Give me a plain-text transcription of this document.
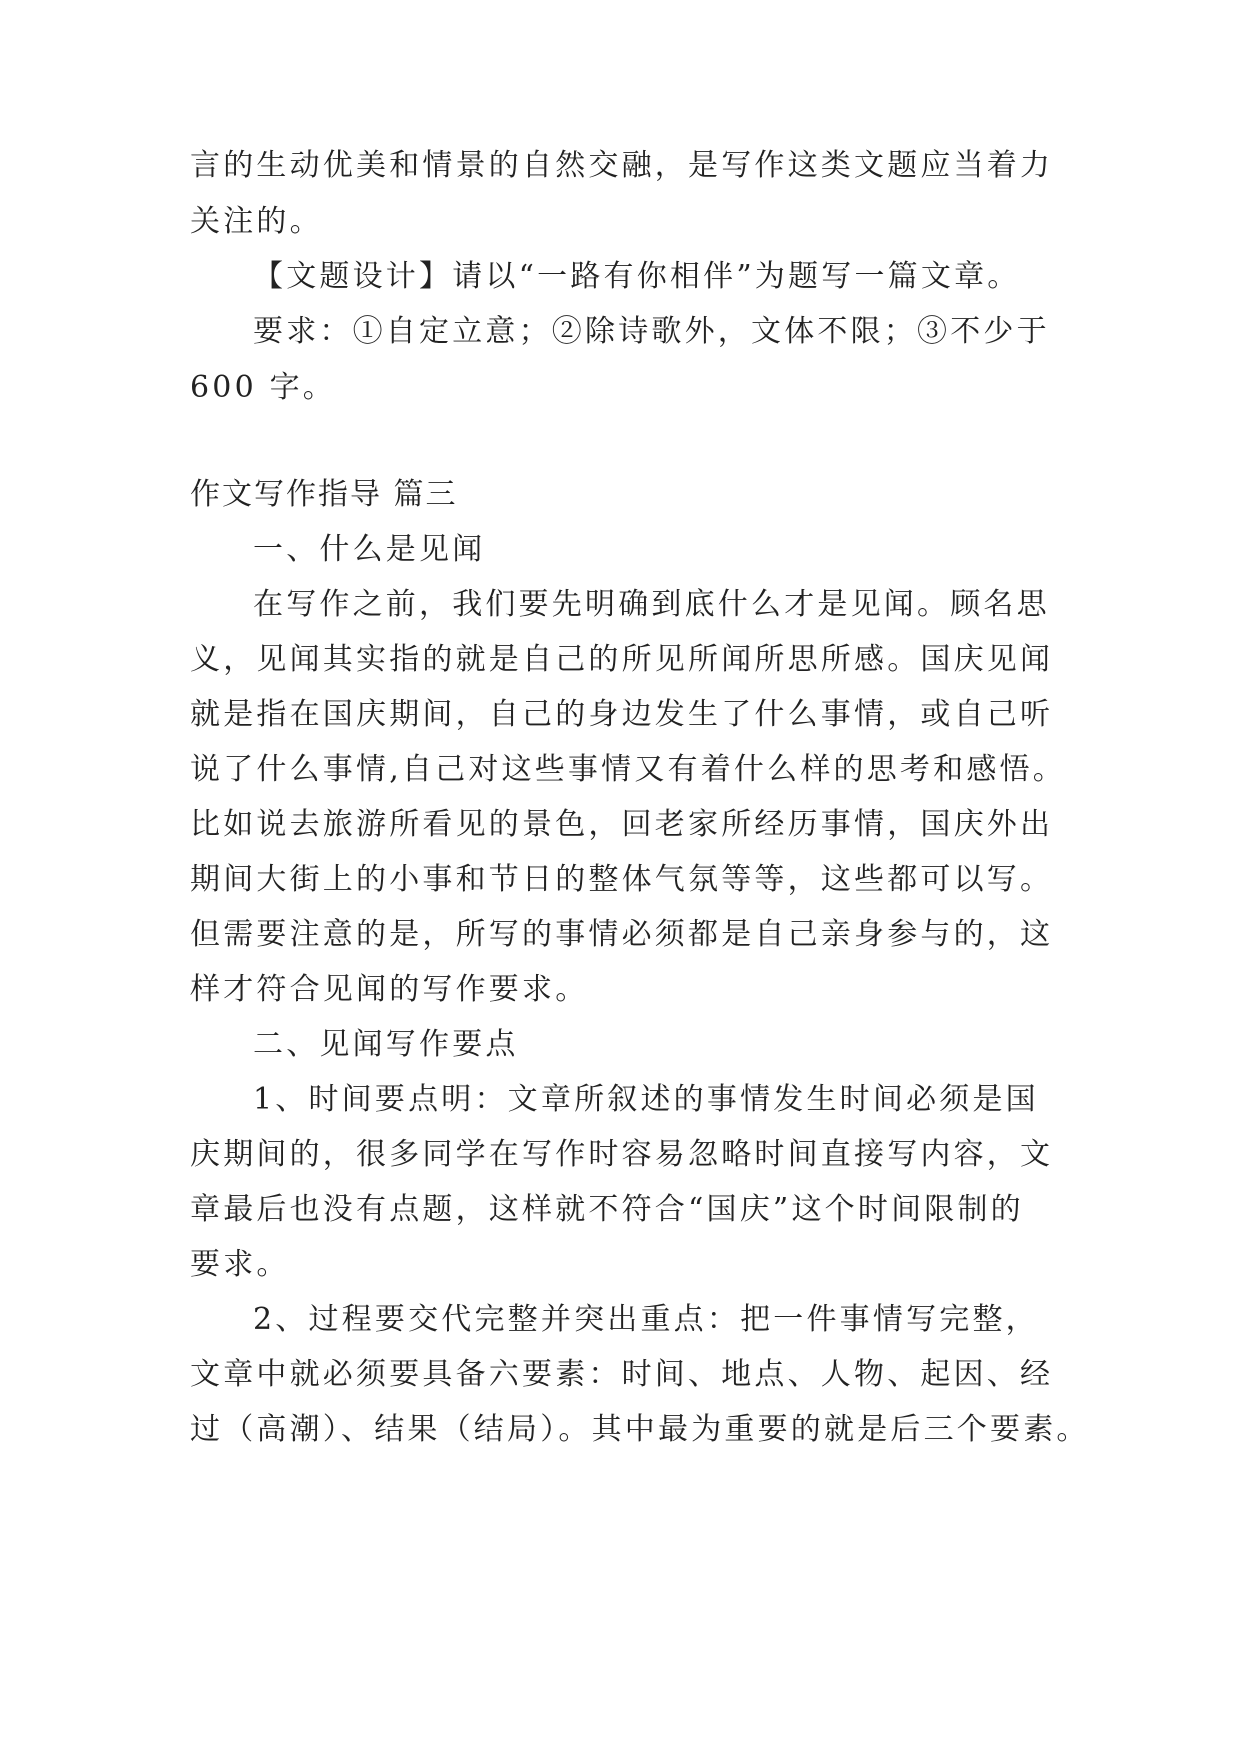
言的生动优美和情景的自然交融，是写作这类文题应当着力
关注的。
【文题设计】请以“一路有你相伴”为题写一篇文章。
要求：①自定立意；②除诗歌外，文体不限；③不少于
600 字。
作文写作指导 篇三
一、什么是见闻
在写作之前，我们要先明确到底什么才是见闻。顾名思
义，见闻其实指的就是自己的所见所闻所思所感。国庆见闻
就是指在国庆期间，自己的身边发生了什么事情，或自己听
说了什么事情,自己对这些事情又有着什么样的思考和感悟。
比如说去旅游所看见的景色，回老家所经历事情，国庆外出
期间大街上的小事和节日的整体气氛等等，这些都可以写。
但需要注意的是，所写的事情必须都是自己亲身参与的，这
样才符合见闻的写作要求。
二、见闻写作要点
1、时间要点明：文章所叙述的事情发生时间必须是国
庆期间的，很多同学在写作时容易忽略时间直接写内容，文
章最后也没有点题，这样就不符合“国庆”这个时间限制的
要求。
2、过程要交代完整并突出重点：把一件事情写完整，
文章中就必须要具备六要素：时间、地点、人物、起因、经
过（高潮）、结果（结局）。其中最为重要的就是后三个要素。
